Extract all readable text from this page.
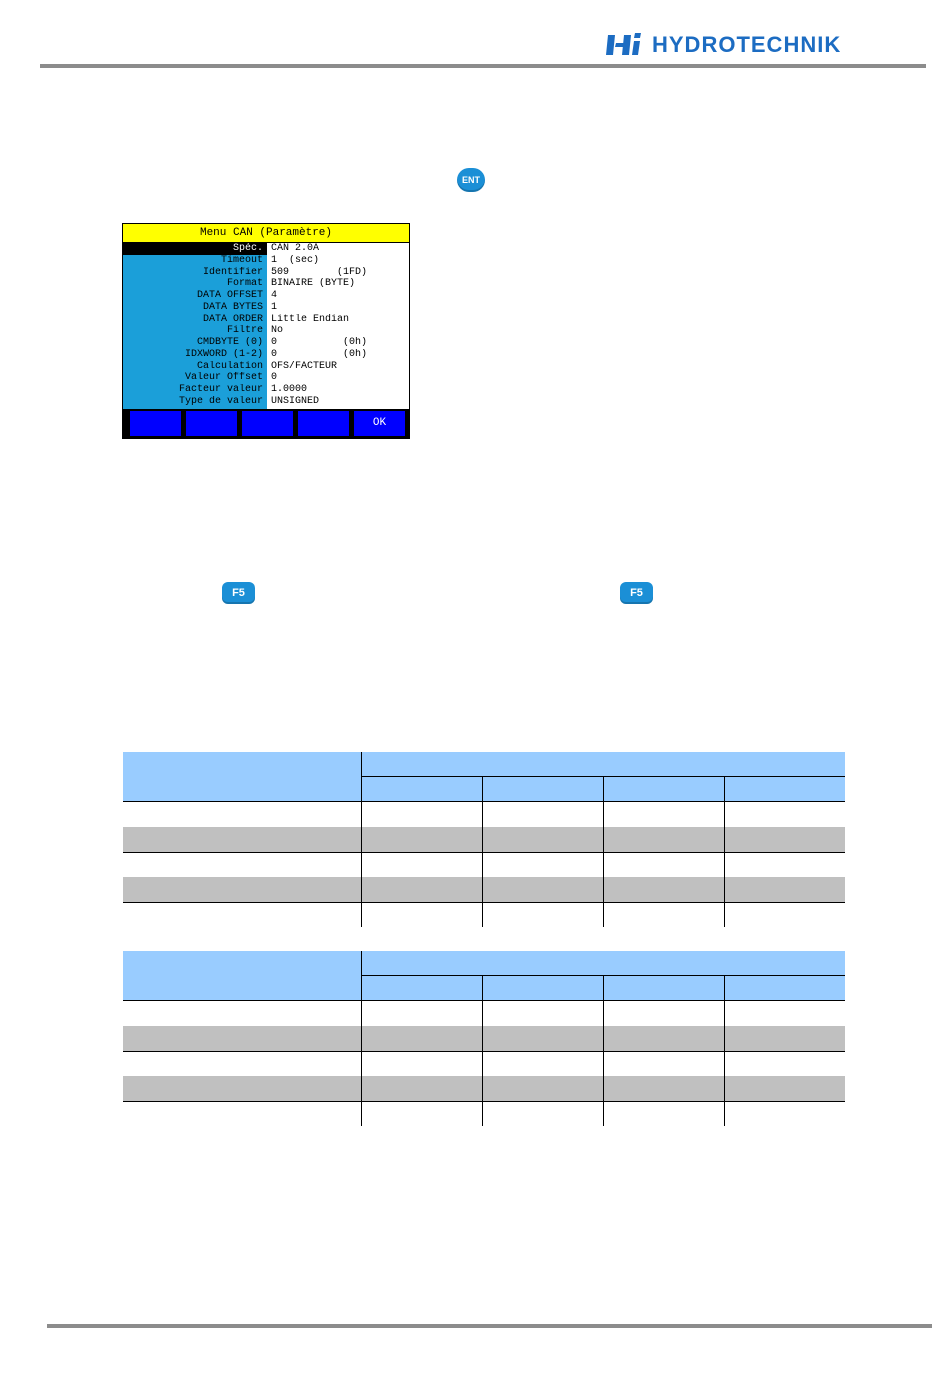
HYDROTECHNIK
ENT
Menu CAN (Paramètre)
Spéc.
Timeout
Identifier
Format
DATA OFFSET
DATA BYTES
DATA ORDER
Filtre
CMDBYTE (0)
IDXWORD (1-2)
Calculation
Valeur Offset
Facteur valeur
Type de valeur
CAN 2.0A
1  (sec)
509        (1FD)
BINAIRE (BYTE)
4
1
Little Endian
No
0           (0h)
0           (0h)
OFS/FACTEUR
0
1.0000
UNSIGNED
OK
F5	F5
